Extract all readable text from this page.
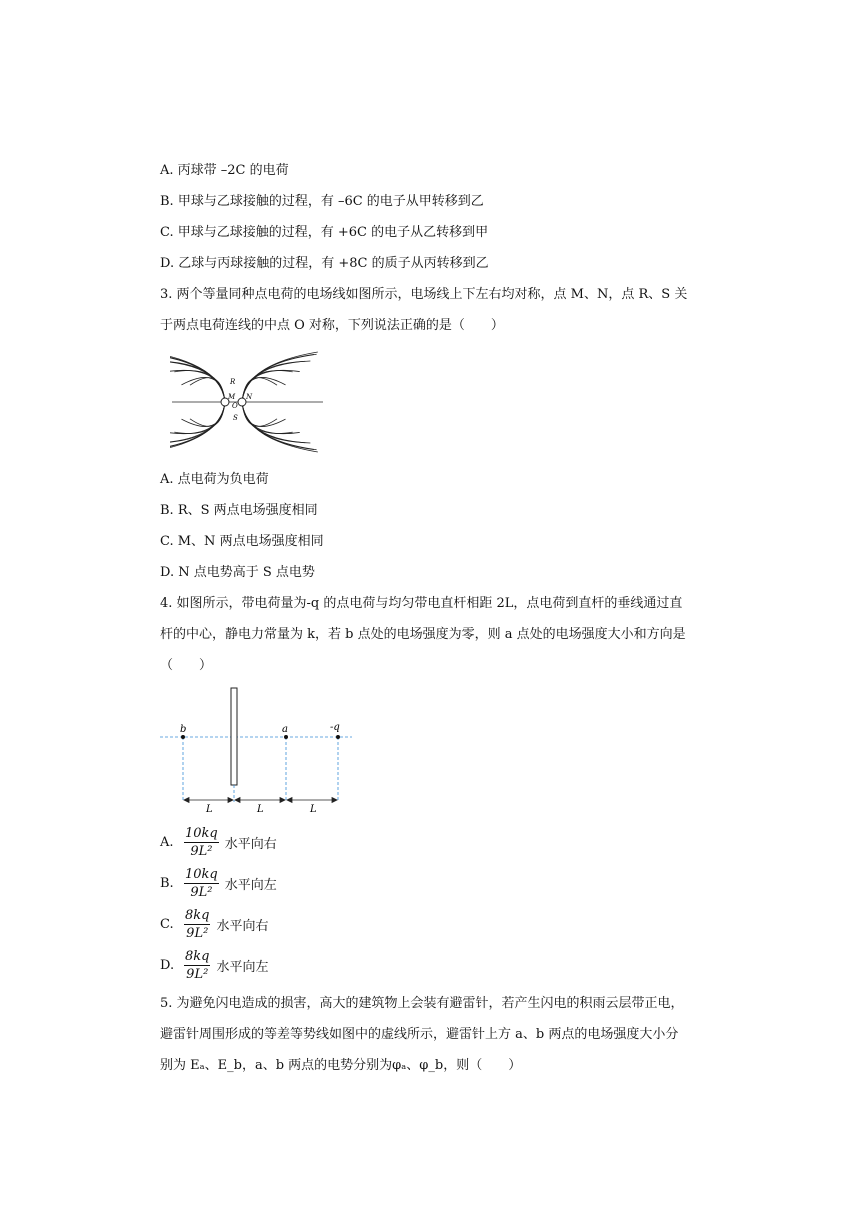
A. 丙球带 –2C 的电荷
B. 甲球与乙球接触的过程，有 –6C 的电子从甲转移到乙
C. 甲球与乙球接触的过程，有 +6C 的电子从乙转移到甲
D. 乙球与丙球接触的过程，有 +8C 的质子从丙转移到乙
3. 两个等量同种点电荷的电场线如图所示，电场线上下左右均对称，点 M、N，点 R、S 关
于两点电荷连线的中点 O 对称，下列说法正确的是（　　）
R
M N
O
S
A. 点电荷为负电荷
B. R、S 两点电场强度相同
C. M、N 两点电场强度相同
D. N 点电势高于 S 点电势
4. 如图所示，带电荷量为-q 的点电荷与均匀带电直杆相距 2L，点电荷到直杆的垂线通过直
杆的中心，静电力常量为 k，若 b 点处的电场强度为零，则 a 点处的电场强度大小和方向是
（　　）
b	a	-q
L	L	L
A. $\frac{10kq}{\text{9L²}}$ 水平向右
B. $\frac{10kq}{\text{9L²}}$ 水平向左
C. $\frac{8kq}{\text{9L²}}$ 水平向右
D. $\frac{8kq}{\text{9L²}}$ 水平向左
5. 为避免闪电造成的损害，高大的建筑物上会装有避雷针，若产生闪电的积雨云层带正电，
避雷针周围形成的等差等势线如图中的虚线所示，避雷针上方 a、b 两点的电场强度大小分
别为 Eₐ、E_b，a、b 两点的电势分别为φₐ、φ_b，则（　　）
